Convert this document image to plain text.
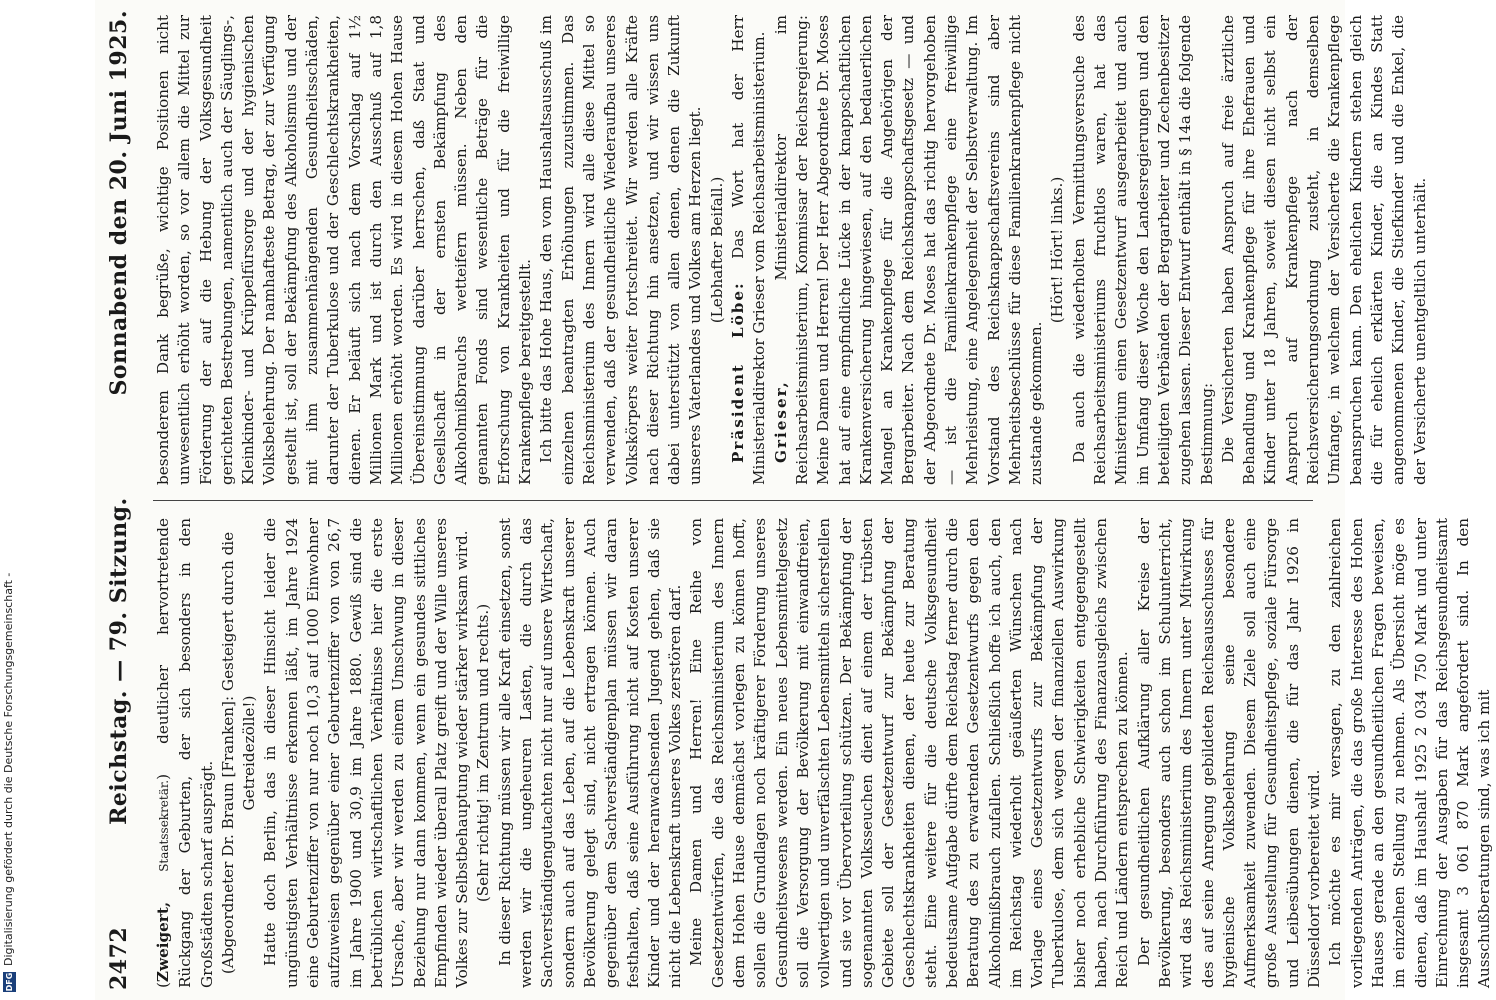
DFG
Digitalisierung gefördert durch die Deutsche Forschungsgemeinschaft -	2472
Reichstag. — 79. Sitzung.
Sonnabend den 20. Juni 1925.

(Zweigert, Staatssekretär.) deutlicher hervortretende Rückgang der Geburten, der sich besonders in den Großstädten scharf ausprägt. (Abgeordneter Dr. Braun [Franken]: Gesteigert durch die Getreidezölle!) Hatte doch Berlin, das in dieser Hinsicht leider die ungünstigsten Verhältnisse erkennen läßt, im Jahre 1924 eine Geburtenziffer von nur noch 10,3 auf 1000 Einwohner aufzuweisen gegenüber einer Geburtenziffer von von 26,7 im Jahre 1900 und 30,9 im Jahre 1880. Gewiß sind die betrüblichen wirtschaftlichen Verhältnisse hier die erste Ursache, aber wir werden zu einem Umschwung in dieser Beziehung nur dann kommen, wenn ein gesundes sittliches Empfinden wieder überall Platz greift und der Wille unseres Volkes zur Selbstbehauptung wieder stärker wirksam wird. (Sehr richtig! im Zentrum und rechts.) In dieser Richtung müssen wir alle Kraft einsetzen, sonst werden wir die ungeheuren Lasten, die durch das Sachverständigengutachten nicht nur auf unsere Wirtschaft, sondern auch auf das Leben, auf die Lebenskraft unserer Bevölkerung gelegt sind, nicht ertragen können. Auch gegenüber dem Sachverständigenplan müssen wir daran festhalten, daß seine Ausführung nicht auf Kosten unserer Kinder und der heranwachsenden Jugend gehen, daß sie nicht die Lebenskraft unseres Volkes zerstören darf. Meine Damen und Herren! Eine Reihe von Gesetzentwürfen, die das Reichsministerium des Innern dem Hohen Hause demnächst vorlegen zu können hofft, sollen die Grundlagen noch kräftigerer Förderung unseres Gesundheitswesens werden. Ein neues Lebensmittelgesetz soll die Versorgung der Bevölkerung mit einwandfreien, vollwertigen und unverfälschten Lebensmitteln sicherstellen und sie vor Übervorteilung schützen. Der Bekämpfung der sogenannten Volksseuchen dient auf einem der trübsten Gebiete soll der Gesetzentwurf zur Bekämpfung der Geschlechtskrankheiten dienen, der heute zur Beratung steht. Eine weitere für die deutsche Volksgesundheit bedeutsame Aufgabe dürfte dem Reichstag ferner durch die Beratung des zu erwartenden Gesetzentwurfs gegen den Alkoholmißbrauch zufallen. Schließlich hoffe ich auch, den im Reichstag wiederholt geäußerten Wünschen nach Vorlage eines Gesetzentwurfs zur Bekämpfung der Tuberkulose, dem sich wegen der finanziellen Auswirkung bisher noch erhebliche Schwierigkeiten entgegengestellt haben, nach Durchführung des Finanzausgleichs zwischen Reich und Ländern entsprechen zu können. Der gesundheitlichen Aufklärung aller Kreise der Bevölkerung, besonders auch schon im Schulunterricht, wird das Reichsministerium des Innern unter Mitwirkung des auf seine Anregung gebildeten Reichsausschusses für hygienische Volksbelehrung seine besondere Aufmerksamkeit zuwenden. Diesem Ziele soll auch eine große Ausstellung für Gesundheitspflege, soziale Fürsorge und Leibesübungen dienen, die für das Jahr 1926 in Düsseldorf vorbereitet wird. Ich möchte es mir versagen, zu den zahlreichen vorliegenden Anträgen, die das große Interesse des Hohen Hauses gerade an den gesundheitlichen Fragen beweisen, im einzelnen Stellung zu nehmen. Als Übersicht möge es dienen, daß im Haushalt 1925 2 034 750 Mark und unter Einrechnung der Ausgaben für das Reichsgesundheitsamt insgesamt 3 061 870 Mark angefordert sind. In den Ausschußberatungen sind, was ich mit

besonderem Dank begrüße, wichtige Positionen nicht unwesentlich erhöht worden, so vor allem die Mittel zur Förderung der auf die Hebung der Volksgesundheit gerichteten Bestrebungen, namentlich auch der Säuglings-, Kleinkinder- und Krüppelfürsorge und der hygienischen Volksbelehrung. Der namhafteste Betrag, der zur Verfügung gestellt ist, soll der Bekämpfung des Alkoholismus und der mit ihm zusammenhängenden Gesundheitsschäden, darunter der Tuberkulose und der Geschlechtskrankheiten, dienen. Er beläuft sich nach dem Vorschlag auf 1½ Millionen Mark und ist durch den Ausschuß auf 1,8 Millionen erhöht worden. Es wird in diesem Hohen Hause Übereinstimmung darüber herrschen, daß Staat und Gesellschaft in der ernsten Bekämpfung des Alkoholmißbrauchs wetteifern müssen. Neben den genannten Fonds sind wesentliche Beträge für die Erforschung von Krankheiten und für die freiwillige Krankenpflege bereitgestellt. Ich bitte das Hohe Haus, den vom Haushaltsausschuß im einzelnen beantragten Erhöhungen zuzustimmen. Das Reichsministerium des Innern wird alle diese Mittel so verwenden, daß der gesundheitliche Wiederaufbau unseres Volkskörpers weiter fortschreitet. Wir werden alle Kräfte nach dieser Richtung hin ansetzen, und wir wissen uns dabei unterstützt von allen denen, denen die Zukunft unseres Vaterlandes und Volkes am Herzen liegt. (Lebhafter Beifall.)

Präsident Löbe: Das Wort hat der Herr Ministerialdirektor Grieser vom Reichsarbeitsministerium. Grieser, Ministerialdirektor im Reichsarbeitsministerium, Kommissar der Reichsregierung: Meine Damen und Herren! Der Herr Abgeordnete Dr. Moses hat auf eine empfindliche Lücke in der knappschaftlichen Krankenversicherung hingewiesen, auf den bedauerlichen Mangel an Krankenpflege für die Angehörigen der Bergarbeiter. Nach dem Reichsknappschaftsgesetz — und der Abgeordnete Dr. Moses hat das richtig hervorgehoben — ist die Familienkrankenpflege eine freiwillige Mehrleistung, eine Angelegenheit der Selbstverwaltung. Im Vorstand des Reichsknappschaftsvereins sind aber Mehrheitsbeschlüsse für diese Familienkrankenpflege nicht zustande gekommen.

(Hört! Hört! links.) Da auch die wiederholten Vermittlungsversuche des Reichsarbeitsministeriums fruchtlos waren, hat das Ministerium einen Gesetzentwurf ausgearbeitet und auch im Umfang dieser Woche den Landesregierungen und den beteiligten Verbänden der Bergarbeiter und Zechenbesitzer zugehen lassen. Dieser Entwurf enthält in § 14a die folgende Bestimmung: Die Versicherten haben Anspruch auf freie ärztliche Behandlung und Krankenpflege für ihre Ehefrauen und Kinder unter 18 Jahren, soweit diesen nicht selbst ein Anspruch auf Krankenpflege nach der Reichsversicherungsordnung zusteht, in demselben Umfange, in welchem der Versicherte die Krankenpflege beanspruchen kann. Den ehelichen Kindern stehen gleich die für ehelich erklärten Kinder, die an Kindes Statt angenommenen Kinder, die Stiefkinder und die Enkel, die der Versicherte unentgeltlich unterhält.
